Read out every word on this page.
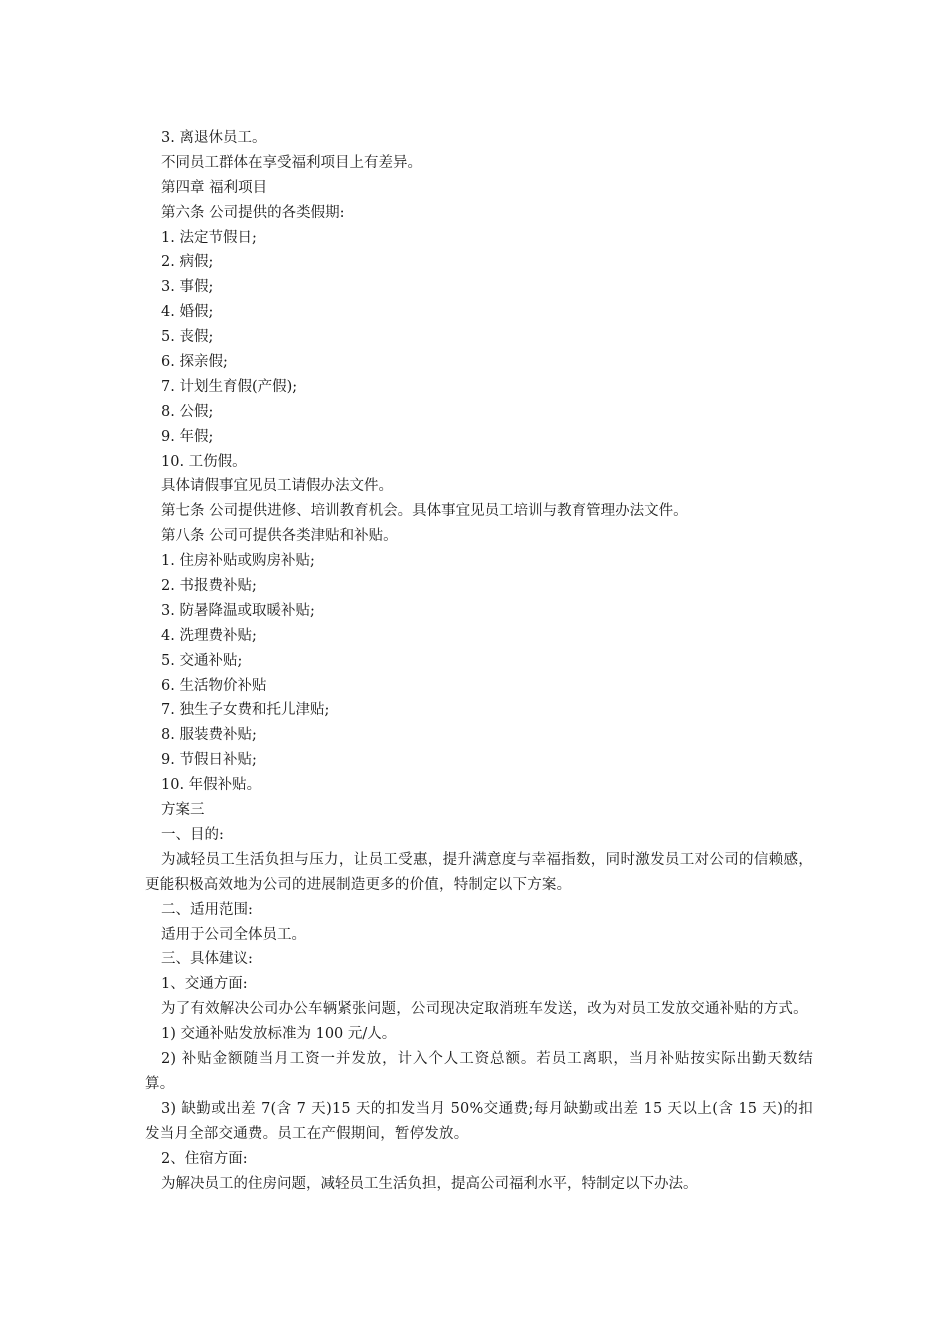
3. 离退休员工。
不同员工群体在享受福利项目上有差异。
第四章 福利项目
第六条 公司提供的各类假期:
1. 法定节假日;
2. 病假;
3. 事假;
4. 婚假;
5. 丧假;
6. 探亲假;
7. 计划生育假(产假);
8. 公假;
9. 年假;
10. 工伤假。
具体请假事宜见员工请假办法文件。
第七条 公司提供进修、培训教育机会。具体事宜见员工培训与教育管理办法文件。
第八条 公司可提供各类津贴和补贴。
1. 住房补贴或购房补贴;
2. 书报费补贴;
3. 防暑降温或取暖补贴;
4. 洗理费补贴;
5. 交通补贴;
6. 生活物价补贴
7. 独生子女费和托儿津贴;
8. 服装费补贴;
9. 节假日补贴;
10. 年假补贴。
方案三
一、目的:
为减轻员工生活负担与压力，让员工受惠，提升满意度与幸福指数，同时激发员工对公司的信赖感，更能积极高效地为公司的进展制造更多的价值，特制定以下方案。
二、适用范围:
适用于公司全体员工。
三、具体建议:
1、交通方面:
为了有效解决公司办公车辆紧张问题，公司现决定取消班车发送，改为对员工发放交通补贴的方式。
1) 交通补贴发放标准为 100 元/人。
2) 补贴金额随当月工资一并发放，计入个人工资总额。若员工离职，当月补贴按实际出勤天数结算。
3) 缺勤或出差 7(含 7 天)15 天的扣发当月 50%交通费;每月缺勤或出差 15 天以上(含 15 天)的扣发当月全部交通费。员工在产假期间，暂停发放。
2、住宿方面:
为解决员工的住房问题，减轻员工生活负担，提高公司福利水平，特制定以下办法。
